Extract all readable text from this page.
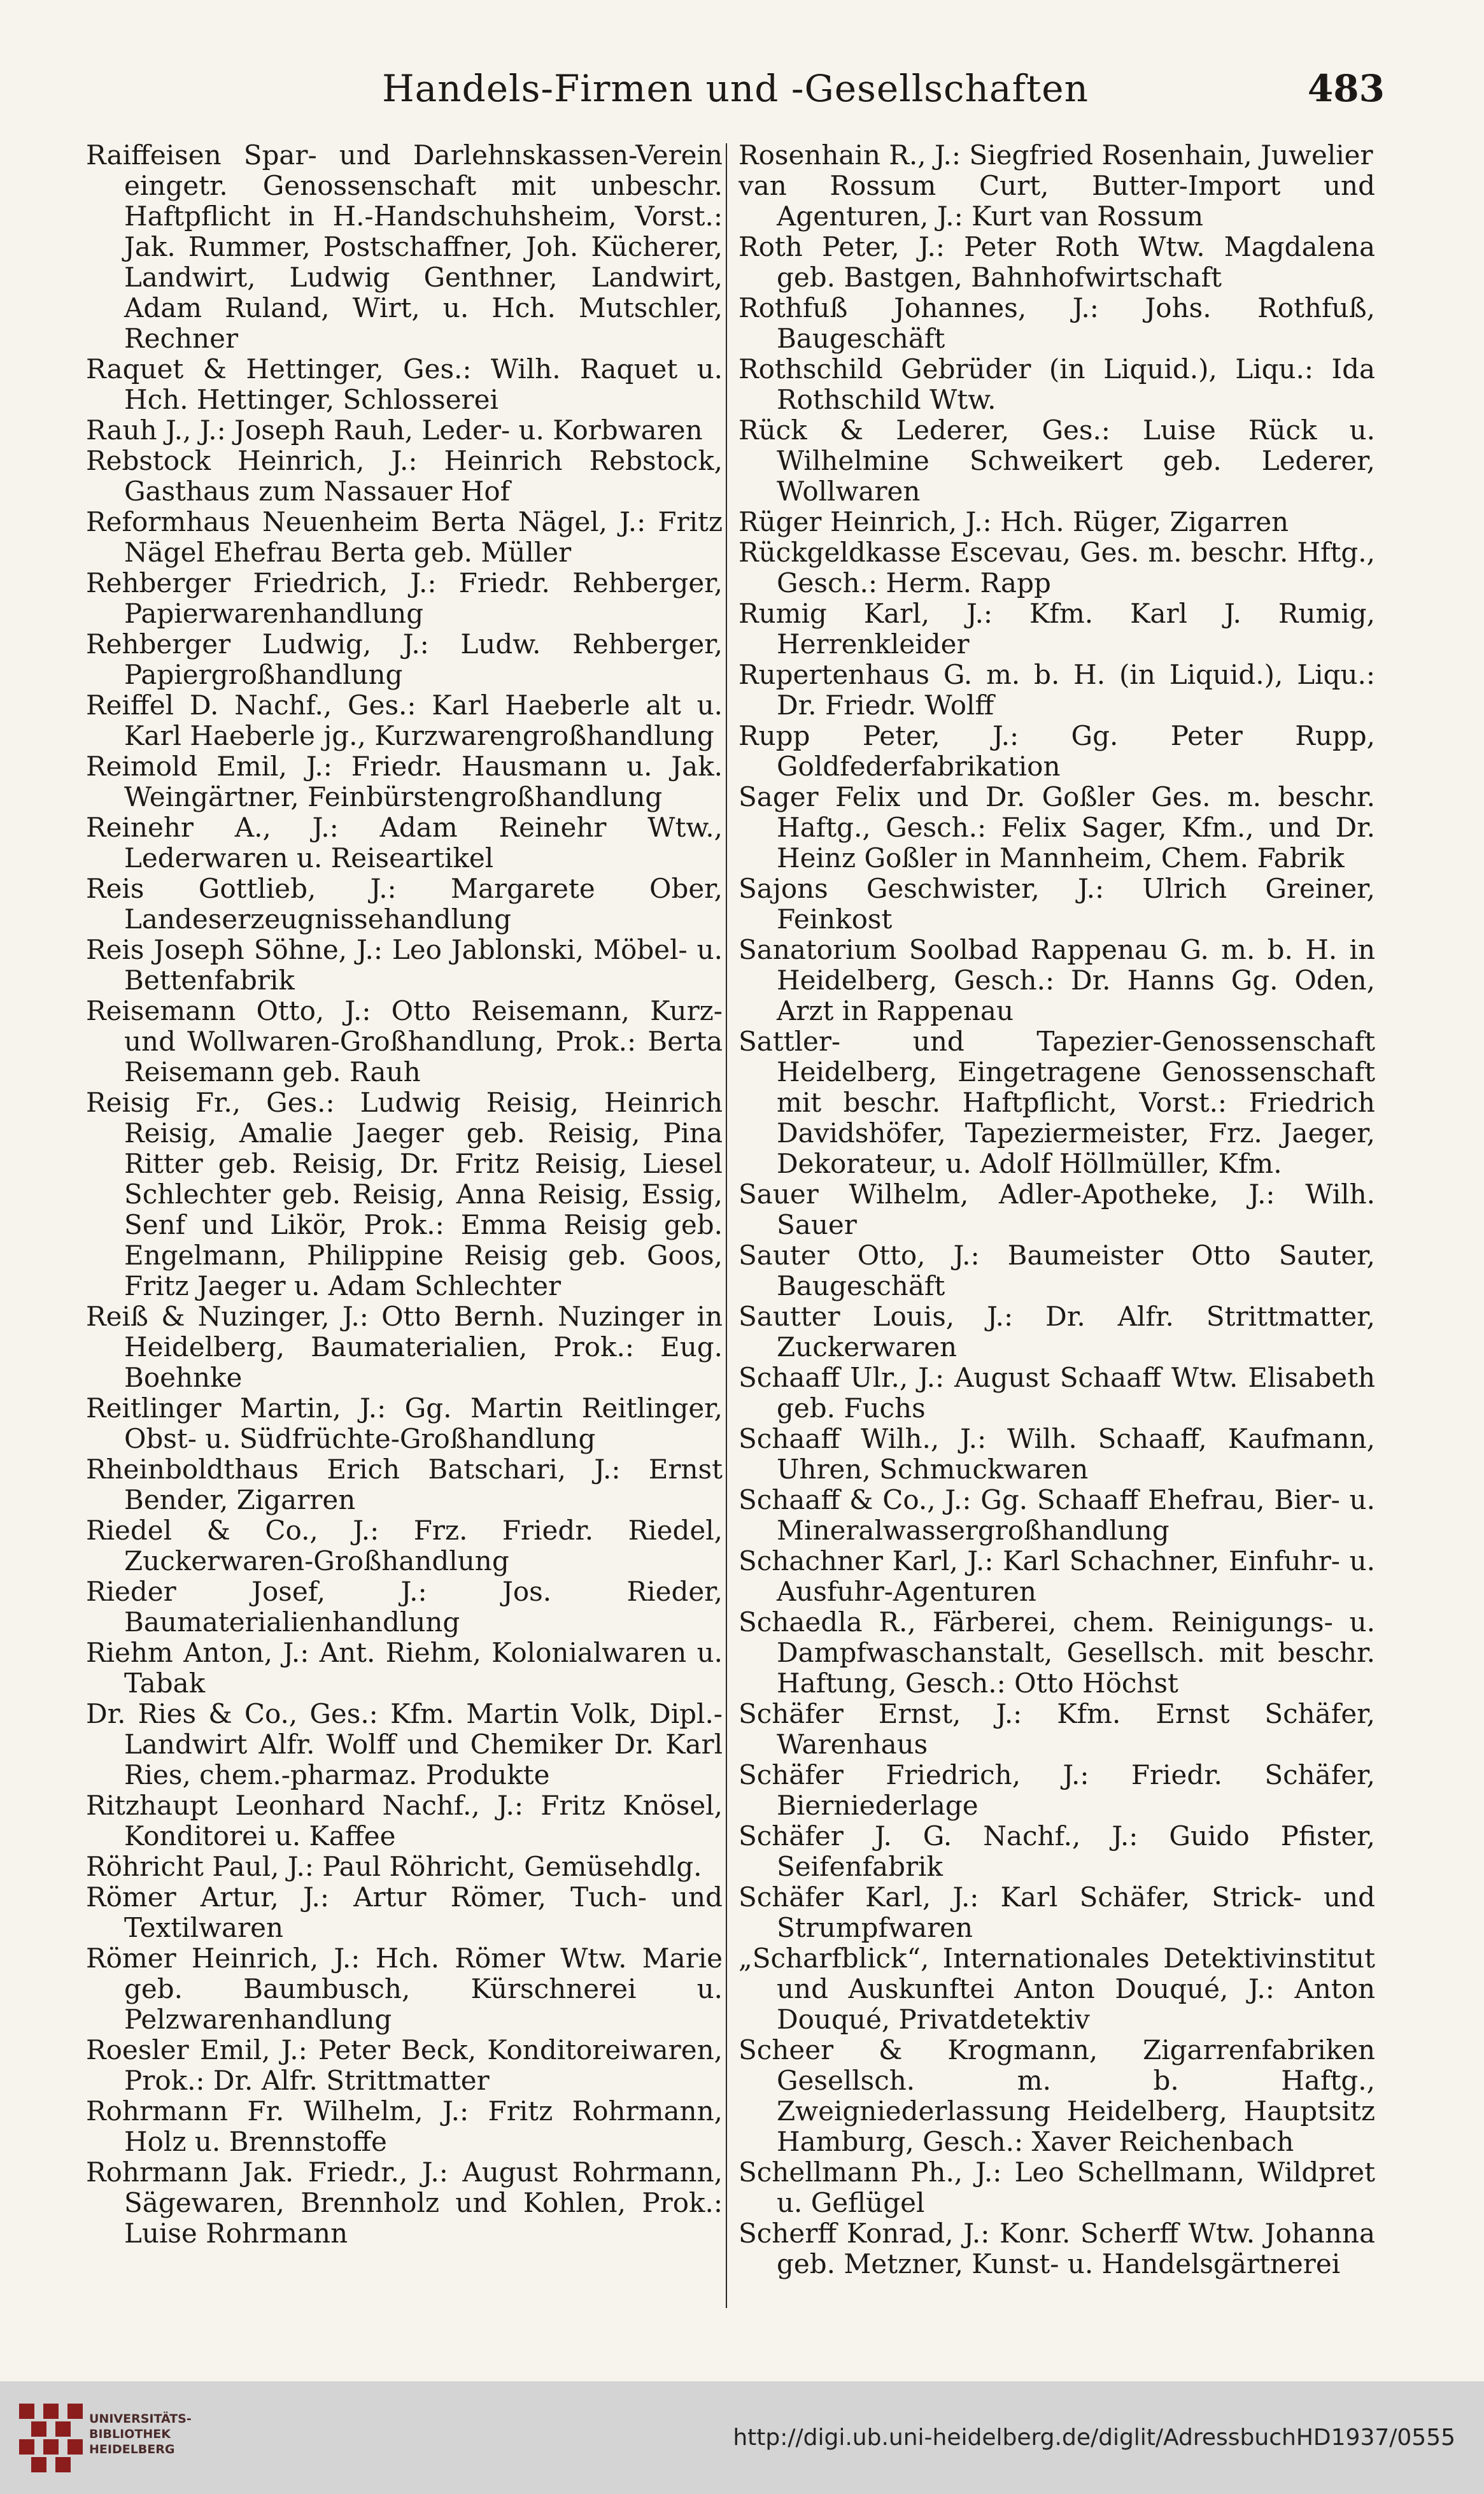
Handels-Firmen und -Gesellschaften	483

Raiffeisen Spar- und Darlehnskassen-Verein eingetr. Genossenschaft mit unbeschr. Haftpflicht in H.-Handschuhsheim, Vorst.: Jak. Rummer, Postschaffner, Joh. Kücherer, Landwirt, Ludwig Genthner, Landwirt, Adam Ruland, Wirt, u. Hch. Mutschler, Rechner

Raquet & Hettinger, Ges.: Wilh. Raquet u. Hch. Hettinger, Schlosserei

Rauh J., J.: Joseph Rauh, Leder- u. Korbwaren

Rebstock Heinrich, J.: Heinrich Rebstock, Gasthaus zum Nassauer Hof

Reformhaus Neuenheim Berta Nägel, J.: Fritz Nägel Ehefrau Berta geb. Müller

Rehberger Friedrich, J.: Friedr. Rehberger, Papierwarenhandlung

Rehberger Ludwig, J.: Ludw. Rehberger, Papiergroßhandlung

Reiffel D. Nachf., Ges.: Karl Haeberle alt u. Karl Haeberle jg., Kurzwarengroßhandlung

Reimold Emil, J.: Friedr. Hausmann u. Jak. Weingärtner, Feinbürstengroßhandlung

Reinehr A., J.: Adam Reinehr Wtw., Lederwaren u. Reiseartikel

Reis Gottlieb, J.: Margarete Ober, Landeserzeugnissehandlung

Reis Joseph Söhne, J.: Leo Jablonski, Möbel- u. Bettenfabrik

Reisemann Otto, J.: Otto Reisemann, Kurz- und Wollwaren-Großhandlung, Prok.: Berta Reisemann geb. Rauh

Reisig Fr., Ges.: Ludwig Reisig, Heinrich Reisig, Amalie Jaeger geb. Reisig, Pina Ritter geb. Reisig, Dr. Fritz Reisig, Liesel Schlechter geb. Reisig, Anna Reisig, Essig, Senf und Likör, Prok.: Emma Reisig geb. Engelmann, Philippine Reisig geb. Goos, Fritz Jaeger u. Adam Schlechter

Reiß & Nuzinger, J.: Otto Bernh. Nuzinger in Heidelberg, Baumaterialien, Prok.: Eug. Boehnke

Reitlinger Martin, J.: Gg. Martin Reitlinger, Obst- u. Südfrüchte-Großhandlung

Rheinboldthaus Erich Batschari, J.: Ernst Bender, Zigarren

Riedel & Co., J.: Frz. Friedr. Riedel, Zuckerwaren-Großhandlung

Rieder Josef, J.: Jos. Rieder, Baumaterialienhandlung

Riehm Anton, J.: Ant. Riehm, Kolonialwaren u. Tabak

Dr. Ries & Co., Ges.: Kfm. Martin Volk, Dipl.-Landwirt Alfr. Wolff und Chemiker Dr. Karl Ries, chem.-pharmaz. Produkte

Ritzhaupt Leonhard Nachf., J.: Fritz Knösel, Konditorei u. Kaffee

Röhricht Paul, J.: Paul Röhricht, Gemüsehdlg.

Römer Artur, J.: Artur Römer, Tuch- und Textilwaren

Römer Heinrich, J.: Hch. Römer Wtw. Marie geb. Baumbusch, Kürschnerei u. Pelzwarenhandlung

Roesler Emil, J.: Peter Beck, Konditoreiwaren, Prok.: Dr. Alfr. Strittmatter

Rohrmann Fr. Wilhelm, J.: Fritz Rohrmann, Holz u. Brennstoffe

Rohrmann Jak. Friedr., J.: August Rohrmann, Sägewaren, Brennholz und Kohlen, Prok.: Luise Rohrmann

Rosenhain R., J.: Siegfried Rosenhain, Juwelier

van Rossum Curt, Butter-Import und Agenturen, J.: Kurt van Rossum

Roth Peter, J.: Peter Roth Wtw. Magdalena geb. Bastgen, Bahnhofwirtschaft

Rothfuß Johannes, J.: Johs. Rothfuß, Baugeschäft

Rothschild Gebrüder (in Liquid.), Liqu.: Ida Rothschild Wtw.

Rück & Lederer, Ges.: Luise Rück u. Wilhelmine Schweikert geb. Lederer, Wollwaren

Rüger Heinrich, J.: Hch. Rüger, Zigarren

Rückgeldkasse Escevau, Ges. m. beschr. Hftg., Gesch.: Herm. Rapp

Rumig Karl, J.: Kfm. Karl J. Rumig, Herrenkleider

Rupertenhaus G. m. b. H. (in Liquid.), Liqu.: Dr. Friedr. Wolff

Rupp Peter, J.: Gg. Peter Rupp, Goldfederfabrikation

Sager Felix und Dr. Goßler Ges. m. beschr. Haftg., Gesch.: Felix Sager, Kfm., und Dr. Heinz Goßler in Mannheim, Chem. Fabrik

Sajons Geschwister, J.: Ulrich Greiner, Feinkost

Sanatorium Soolbad Rappenau G. m. b. H. in Heidelberg, Gesch.: Dr. Hanns Gg. Oden, Arzt in Rappenau

Sattler- und Tapezier-Genossenschaft Heidelberg, Eingetragene Genossenschaft mit beschr. Haftpflicht, Vorst.: Friedrich Davidshöfer, Tapeziermeister, Frz. Jaeger, Dekorateur, u. Adolf Höllmüller, Kfm.

Sauer Wilhelm, Adler-Apotheke, J.: Wilh. Sauer

Sauter Otto, J.: Baumeister Otto Sauter, Baugeschäft

Sautter Louis, J.: Dr. Alfr. Strittmatter, Zuckerwaren

Schaaff Ulr., J.: August Schaaff Wtw. Elisabeth geb. Fuchs

Schaaff Wilh., J.: Wilh. Schaaff, Kaufmann, Uhren, Schmuckwaren

Schaaff & Co., J.: Gg. Schaaff Ehefrau, Bier- u. Mineralwassergroßhandlung

Schachner Karl, J.: Karl Schachner, Einfuhr- u. Ausfuhr-Agenturen

Schaedla R., Färberei, chem. Reinigungs- u. Dampfwaschanstalt, Gesellsch. mit beschr. Haftung, Gesch.: Otto Höchst

Schäfer Ernst, J.: Kfm. Ernst Schäfer, Warenhaus

Schäfer Friedrich, J.: Friedr. Schäfer, Bierniederlage

Schäfer J. G. Nachf., J.: Guido Pfister, Seifenfabrik

Schäfer Karl, J.: Karl Schäfer, Strick- und Strumpfwaren

„Scharfblick“, Internationales Detektivinstitut und Auskunftei Anton Douqué, J.: Anton Douqué, Privatdetektiv

Scheer & Krogmann, Zigarrenfabriken Gesellsch. m. b. Haftg., Zweigniederlassung Heidelberg, Hauptsitz Hamburg, Gesch.: Xaver Reichenbach

Schellmann Ph., J.: Leo Schellmann, Wildpret u. Geflügel

Scherff Konrad, J.: Konr. Scherff Wtw. Johanna geb. Metzner, Kunst- u. Handelsgärtnerei

UNIVERSITÄTS-
BIBLIOTHEK
HEIDELBERG	http://digi.ub.uni-heidelberg.de/diglit/AdressbuchHD1937/0555
